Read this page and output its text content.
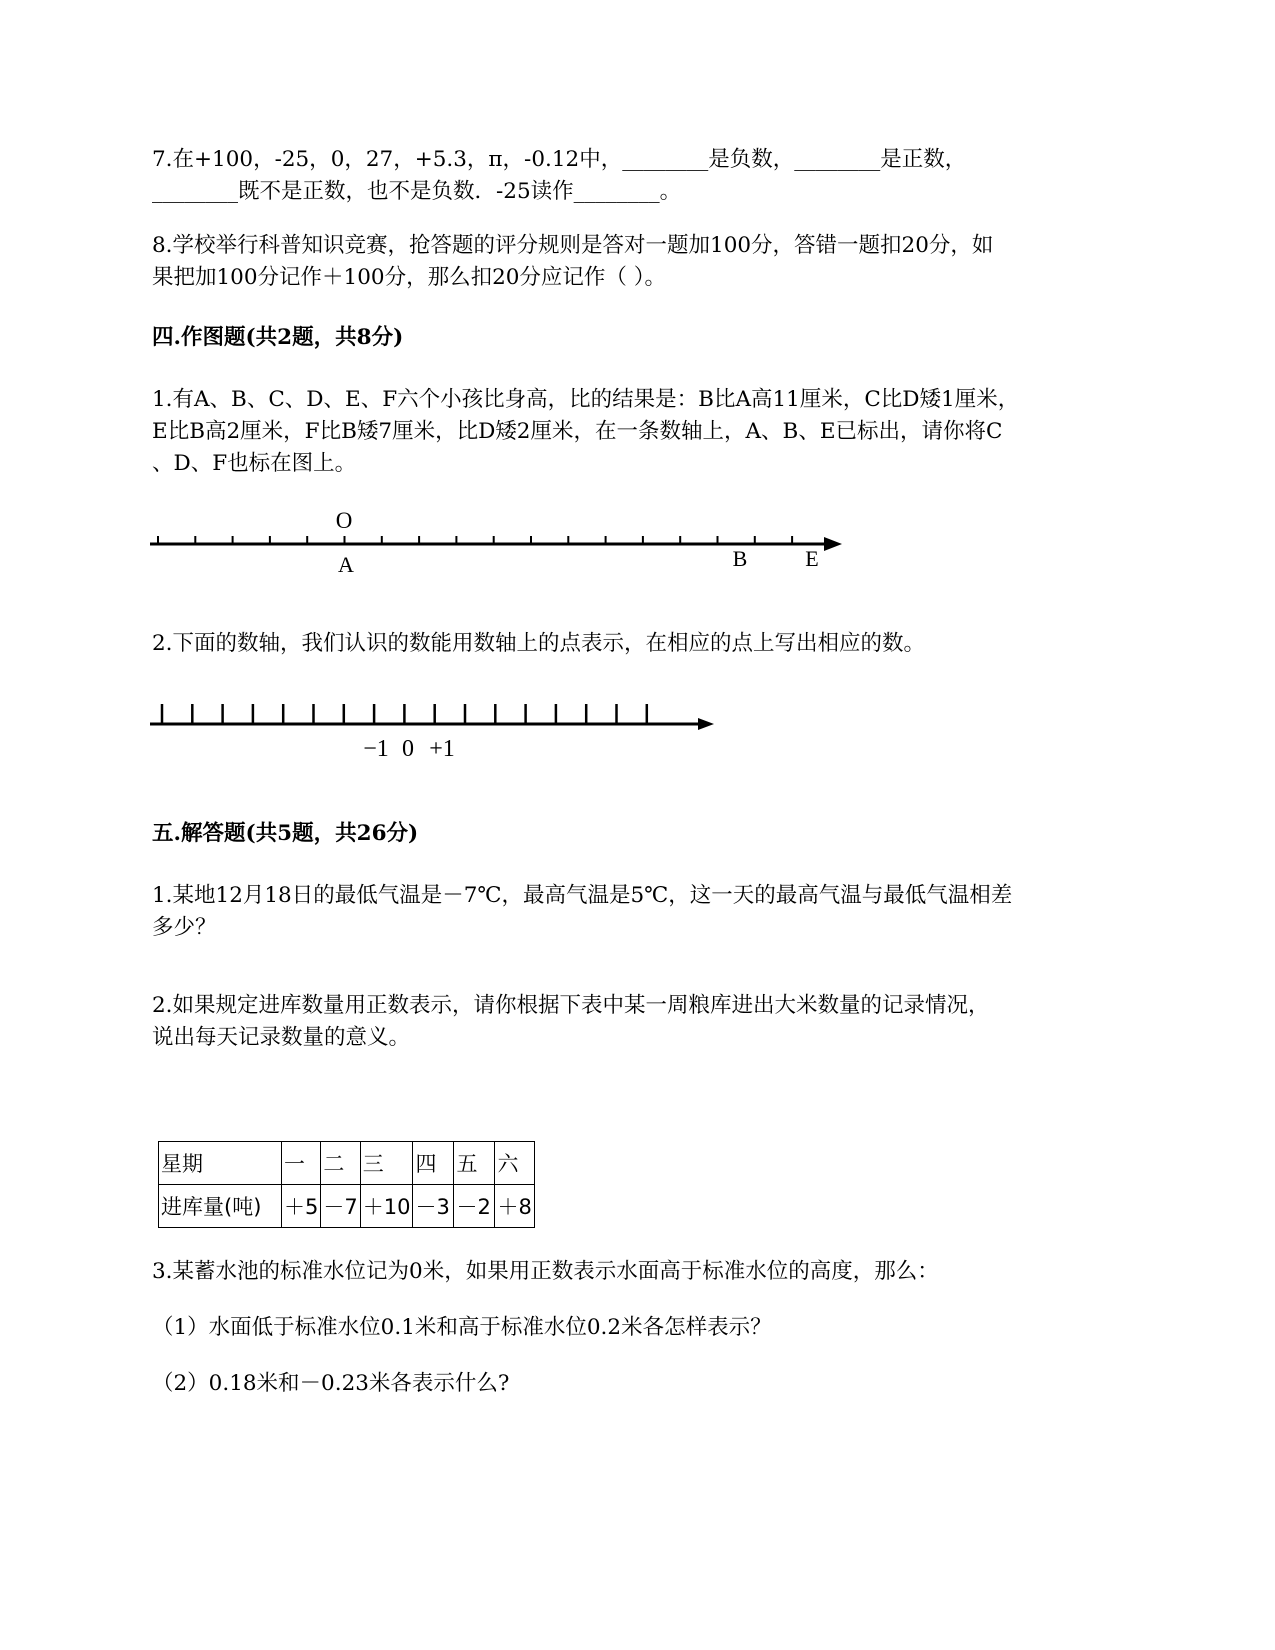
7.在+100，-25，0，27，+5.3，π，-0.12中，________是负数，________是正数，
________既不是正数，也不是负数．-25读作________。
8.学校举行科普知识竞赛，抢答题的评分规则是答对一题加100分，答错一题扣20分，如
果把加100分记作＋100分，那么扣20分应记作（ ）。
四.作图题(共2题，共8分)
1.有A、B、C、D、E、F六个小孩比身高，比的结果是：B比A高11厘米，C比D矮1厘米，
E比B高2厘米，F比B矮7厘米，比D矮2厘米，在一条数轴上，A、B、E已标出，请你将C
、D、F也标在图上。
O
A	B	E
2.下面的数轴，我们认识的数能用数轴上的点表示，在相应的点上写出相应的数。
−1 0 +1
五.解答题(共5题，共26分)
1.某地12月18日的最低气温是－7℃，最高气温是5℃，这一天的最高气温与最低气温相差
多少？
2.如果规定进库数量用正数表示，请你根据下表中某一周粮库进出大米数量的记录情况，
说出每天记录数量的意义。
星期	一	二	三	四	五	六
进库量(吨)	＋5	－7	＋10	－3	－2	＋8
3.某蓄水池的标准水位记为0米，如果用正数表示水面高于标准水位的高度，那么：
（1）水面低于标准水位0.1米和高于标准水位0.2米各怎样表示？
（2）0.18米和－0.23米各表示什么?
